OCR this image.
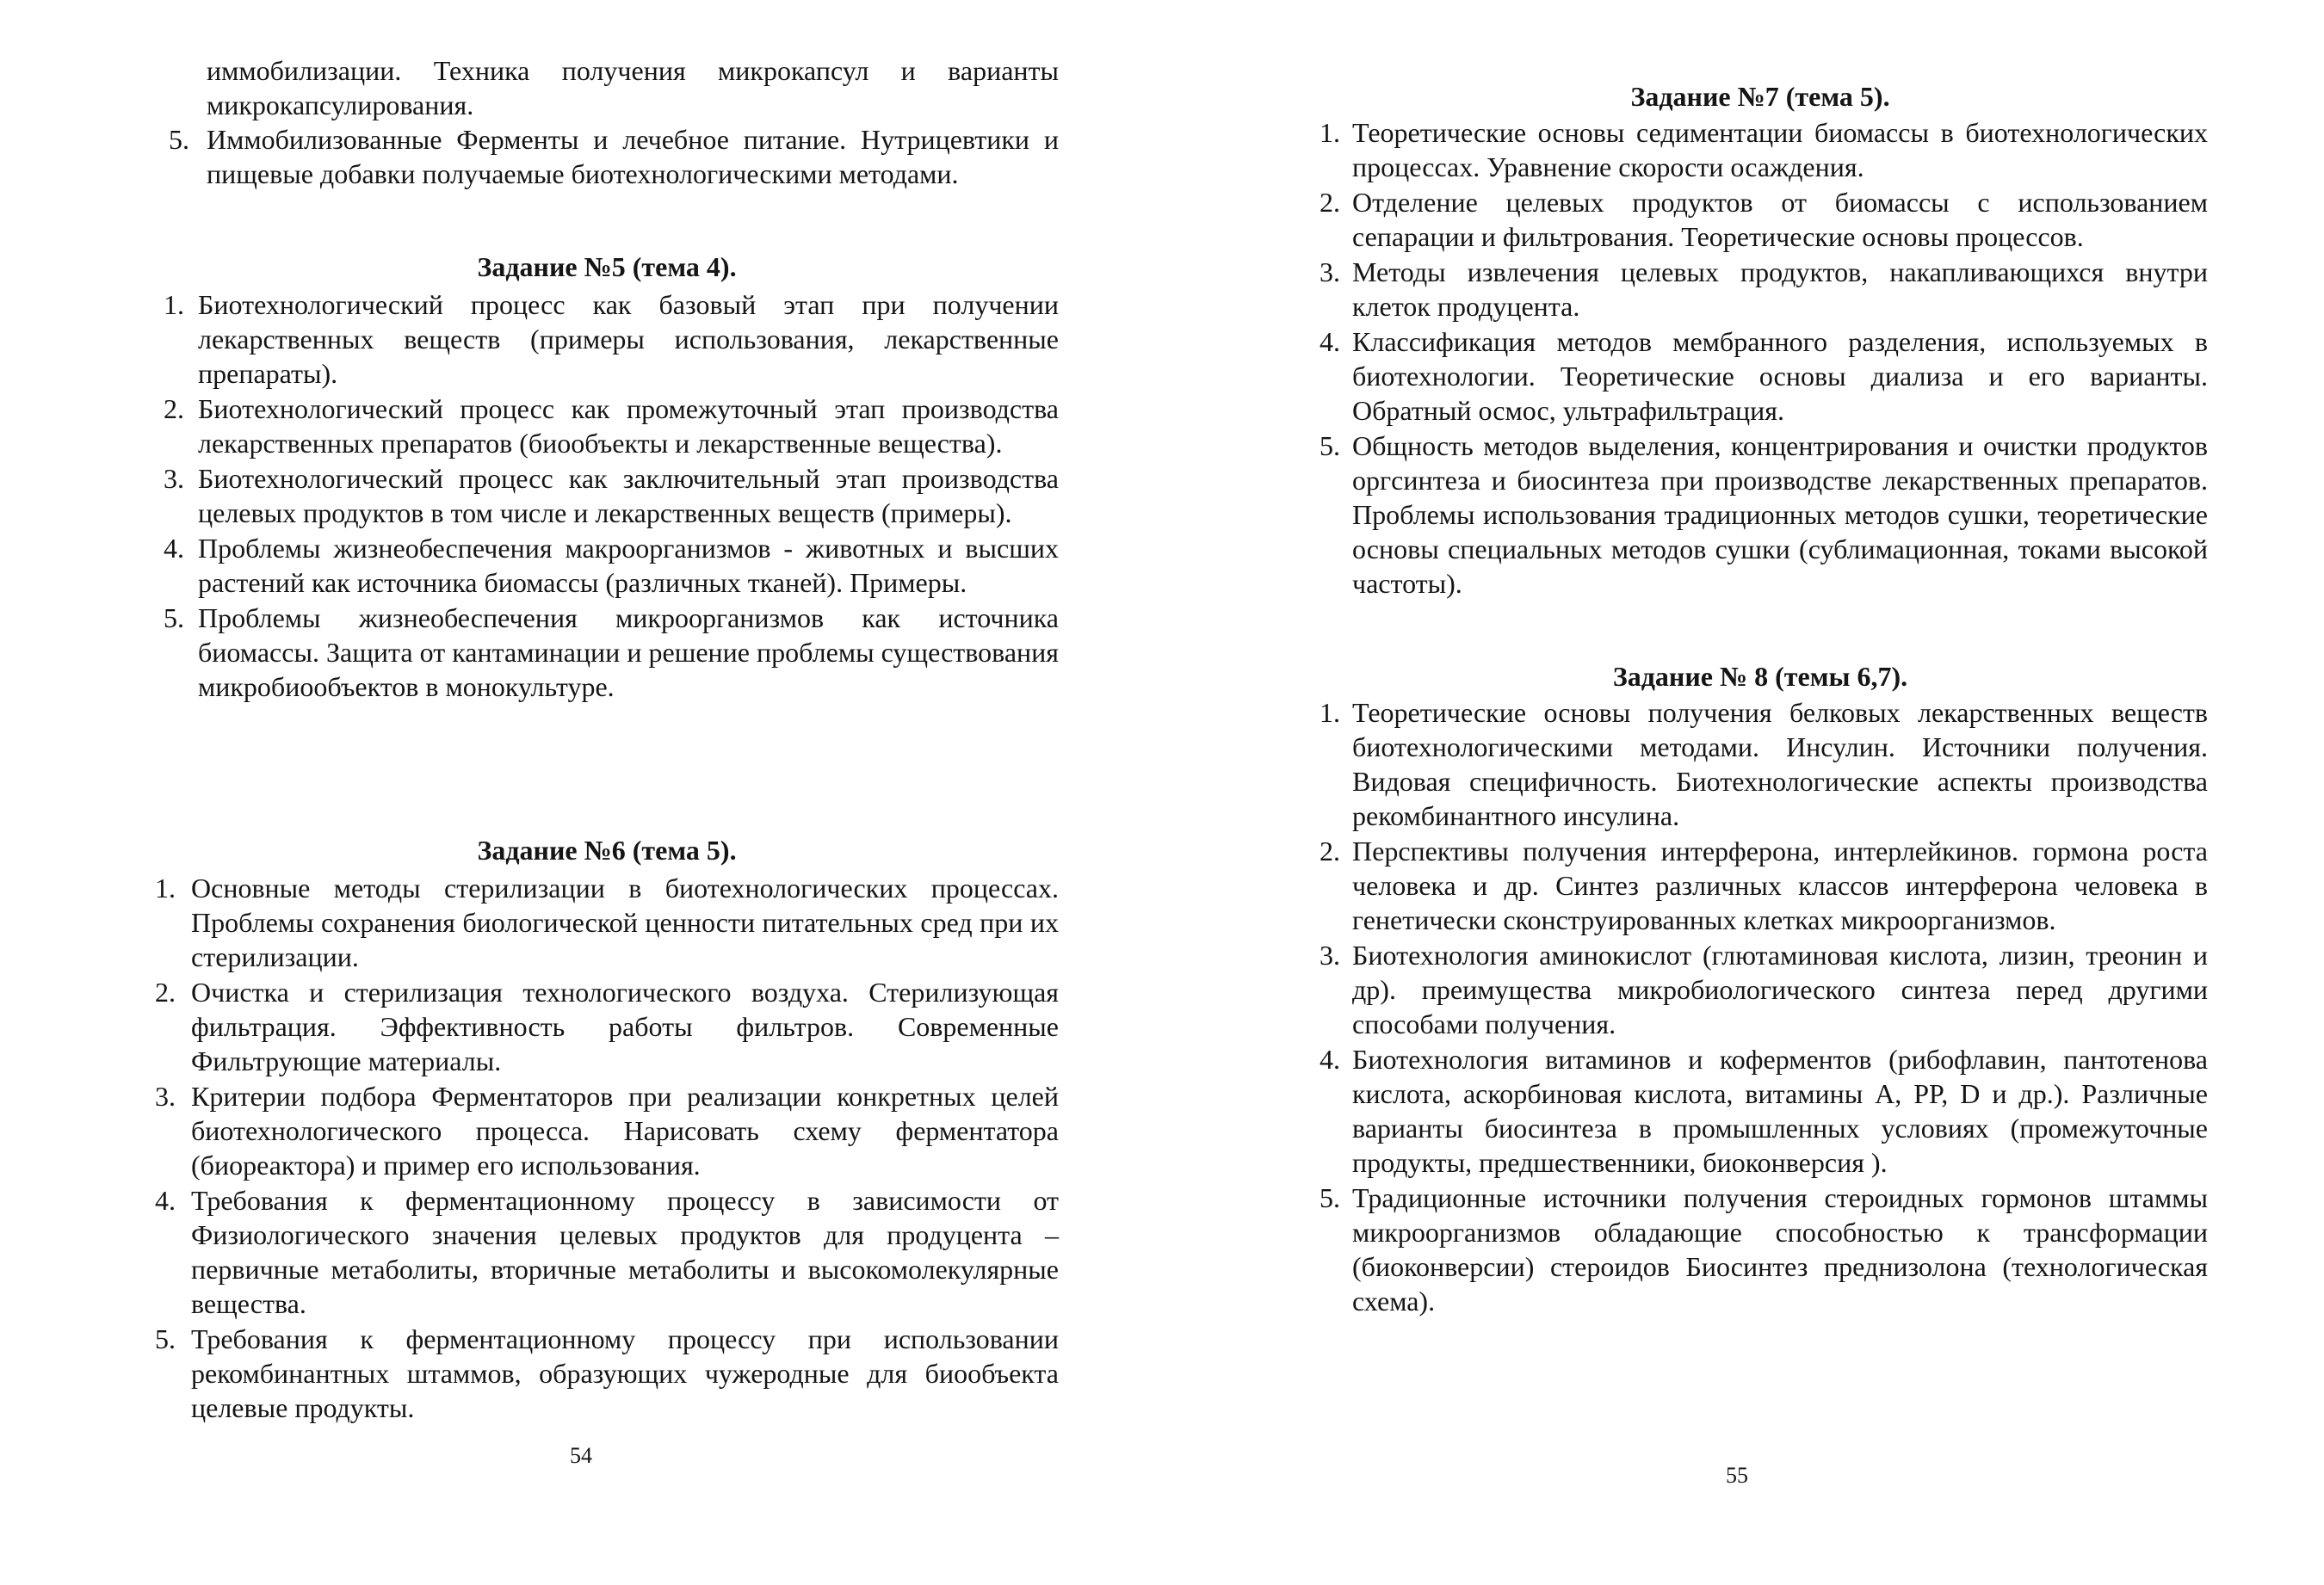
иммобилизации. Техника получения микрокапсул и варианты микрокапсулирования.

5. Иммобилизованные Ферменты и лечебное питание. Нутрицевтики и пищевые добавки получаемые биотехнологическими методами.
Задание №5 (тема 4).
1. Биотехнологический процесс как базовый этап при получении лекарственных веществ (примеры использования, лекарственные препараты).
2. Биотехнологический процесс как промежуточный этап производства лекарственных препаратов (биообъекты и лекарственные вещества).
3. Биотехнологический процесс как заключительный этап производства целевых продуктов в том числе и лекарственных веществ (примеры).
4. Проблемы жизнеобеспечения макроорганизмов - животных и высших растений как источника биомассы (различных тканей). Примеры.
5. Проблемы жизнеобеспечения микроорганизмов как источника биомассы. Защита от кантаминации и решение проблемы существования микробиообъектов в монокультуре.
Задание №6 (тема 5).
1. Основные методы стерилизации в биотехнологических процессах. Проблемы сохранения биологической ценности питательных сред при их стерилизации.
2. Очистка и стерилизация технологического воздуха. Стерилизующая фильтрация. Эффективность работы фильтров. Современные Фильтрующие материалы.
3. Критерии подбора Ферментаторов при реализации конкретных целей биотехнологического процесса. Нарисовать схему ферментатора (биореактора) и пример его использования.
4. Требования к ферментационному процессу в зависимости от Физиологического значения целевых продуктов для продуцента – первичные метаболиты, вторичные метаболиты и высокомолекулярные вещества.
5. Требования к ферментационному процессу при использовании рекомбинантных штаммов, образующих чужеродные для биообъекта целевые продукты.
54
Задание №7 (тема 5).
1. Теоретические основы седиментации биомассы в биотехнологических процессах. Уравнение скорости осаждения.
2. Отделение целевых продуктов от биомассы с использованием сепарации и фильтрования. Теоретические основы процессов.
3. Методы извлечения целевых продуктов, накапливающихся внутри клеток продуцента.
4. Классификация методов мембранного разделения, используемых в биотехнологии. Теоретические основы диализа и его варианты. Обратный осмос, ультрафильтрация.
5. Общность методов выделения, концентрирования и очистки продуктов оргсинтеза и биосинтеза при производстве лекарственных препаратов. Проблемы использования традиционных методов сушки, теоретические основы специальных методов сушки (сублимационная, токами высокой частоты).
Задание № 8 (темы 6,7).
1. Теоретические основы получения белковых лекарственных веществ биотехнологическими методами. Инсулин. Источники получения. Видовая специфичность. Биотехнологические аспекты производства рекомбинантного инсулина.
2. Перспективы получения интерферона, интерлейкинов. гормона роста человека и др. Синтез различных классов интерферона человека в генетически сконструированных клетках микроорганизмов.
3. Биотехнология аминокислот (глютаминовая кислота, лизин, треонин и др). преимущества микробиологического синтеза перед другими способами получения.
4. Биотехнология витаминов и коферментов (рибофлавин, пантотенова кислота, аскорбиновая кислота, витамины А, PP, D и др.). Различные варианты биосинтеза в промышленных условиях (промежуточные продукты, предшественники, биоконверсия ).
5. Традиционные источники получения стероидных гормонов штаммы микроорганизмов обладающие способностью к трансформации (биоконверсии) стероидов Биосинтез преднизолона (технологическая схема).
55
